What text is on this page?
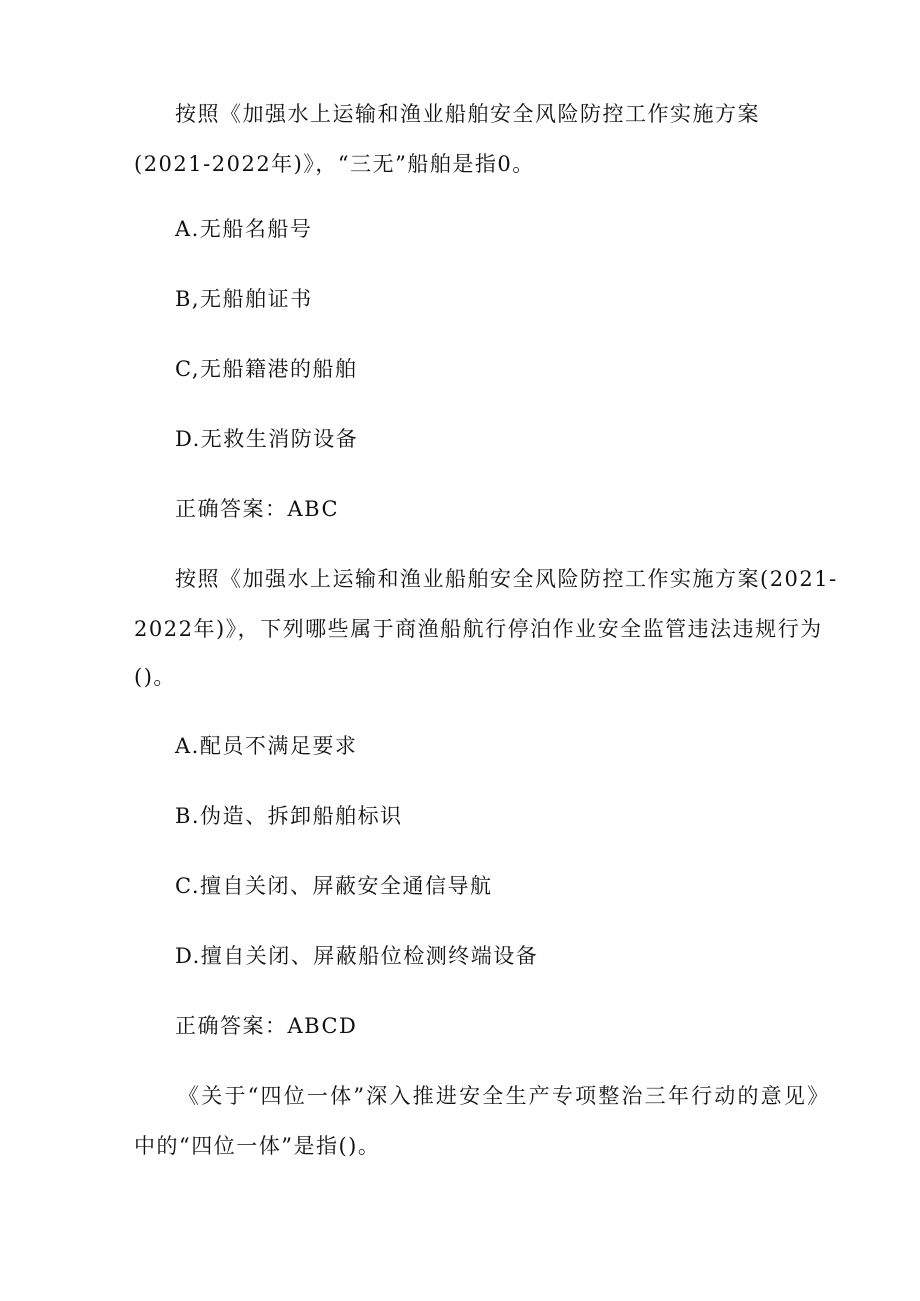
按照《加强水上运输和渔业船舶安全风险防控工作实施方案
(2021-2022年)》，“三无”船舶是指0。
A.无船名船号
B,无船舶证书
C,无船籍港的船舶
D.无救生消防设备
正确答案：ABC
按照《加强水上运输和渔业船舶安全风险防控工作实施方案(2021-
2022年)》，下列哪些属于商渔船航行停泊作业安全监管违法违规行为
()。
A.配员不满足要求
B.伪造、拆卸船舶标识
C.擅自关闭、屏蔽安全通信导航
D.擅自关闭、屏蔽船位检测终端设备
正确答案：ABCD
《关于“四位一体”深入推进安全生产专项整治三年行动的意见》
中的“四位一体”是指()。
